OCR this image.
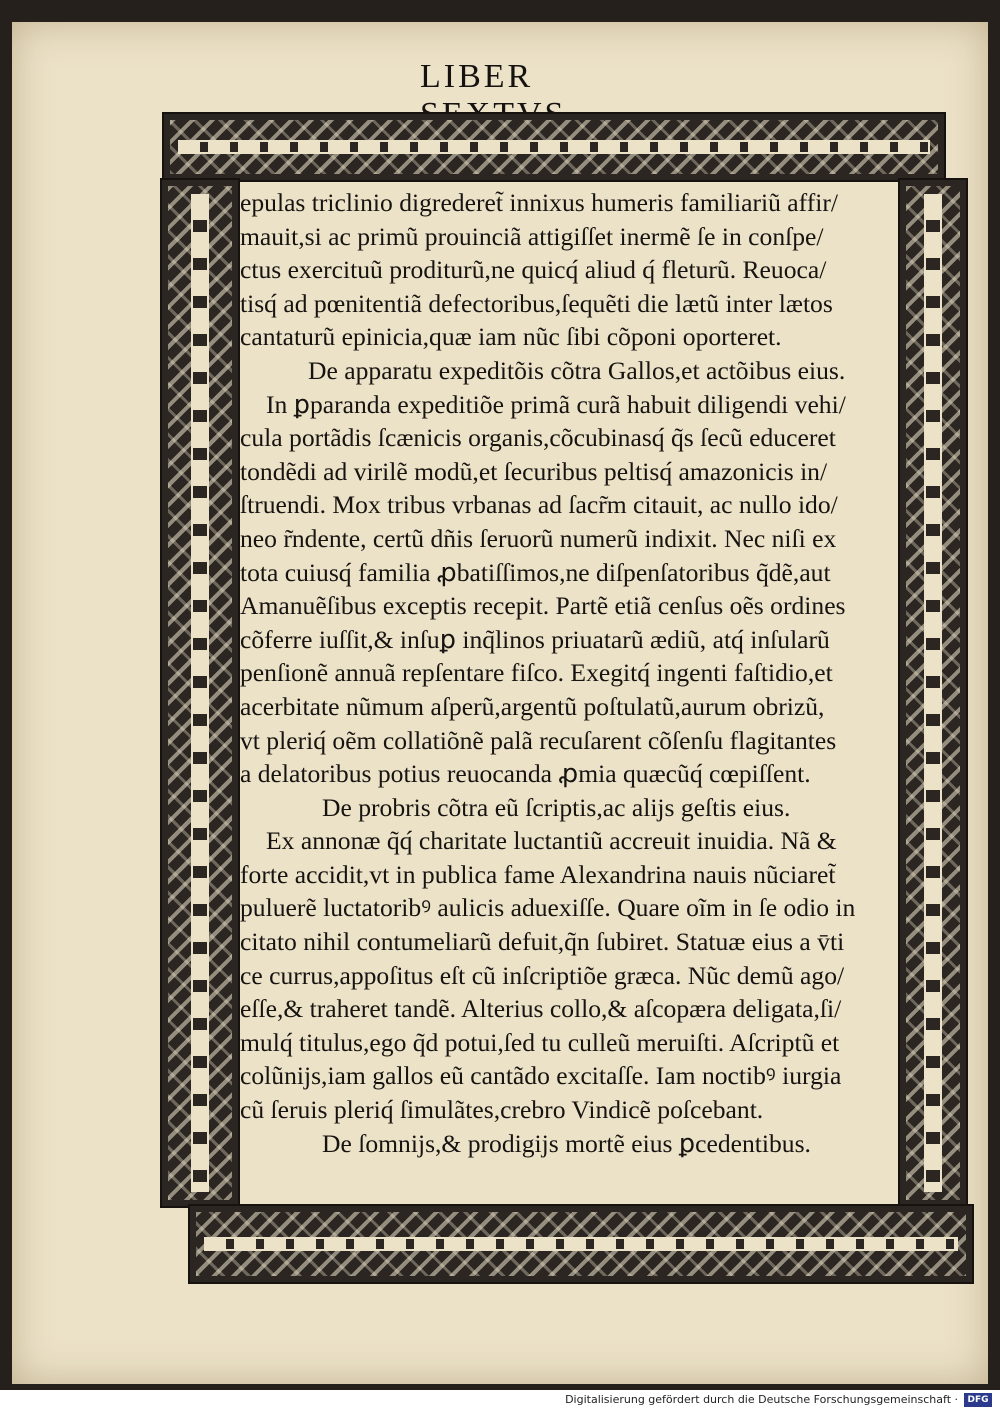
LIBER
epulas triclinio digrederet̃ innixus humeris familiariũ affir/
mauit,si ac primũ prouinciã attigiſſet inermẽ ſe in conſpe/
ctus exercituũ proditurũ,ne quicq́ aliud q́ fleturũ. Reuoca/
tisq́ ad pœnitentiã defectoribus,ſequẽti die lætũ inter lætos
cantaturũ epinicia,quæ iam nũc ſibi cõponi oporteret.
De apparatu expeditõis cõtra Gallos,et actõibus eius.
In ꝑparanda expeditiõe primã curã habuit diligendi vehi/
cula portãdis ſcænicis organis,cõcubinasq́ q̃s ſecũ educeret
tondẽdi ad virilẽ modũ,et ſecuribus peltisq́ amazonicis in/
ſtruendi. Mox tribus vrbanas ad ſacr̃m citauit, ac nullo ido/
neo r̃ndente, certũ dñis ſeruorũ numerũ indixit. Nec niſi ex
tota cuiusq́ familia ꝓbatiſſimos,ne diſpenſatoribus q̃dẽ,aut
Amanuẽſibus exceptis recepit. Partẽ etiã cenſus oẽs ordines
cõferre iuſſit,& inſuꝑ inq̃linos priuatarũ ædiũ, atq́ inſularũ
penſionẽ annuã repſentare fiſco. Exegitq́ ingenti faſtidio,et
acerbitate nũmum aſperũ,argentũ poſtulatũ,aurum obrizũ,
vt pleriq́ oẽm collatiõnẽ palã recuſarent cõſenſu flagitantes
a delatoribus potius reuocanda ꝓmia quæcũq́ cœpiſſent.
De probris cõtra eũ ſcriptis,ac aliјs geſtis eius.
Ex annonæ q̃q́ charitate luctantiũ accreuit inuidia. Nã &
forte accidit,vt in publica fame Alexandrina nauis nũciaret̃
puluerẽ luctatoribꝰ aulicis aduexiſſe. Quare oĩm in ſe odio in
citato nihil contumeliarũ defuit,q̃n ſubiret. Statuæ eius a v̄ti
ce currus,appoſitus eſt cũ inſcriptiõe græca. Nũc demũ ago/
eſſe,& traheret tandẽ. Alterius collo,& aſcopæra deligata,ſi/
mulq́ titulus,ego q̃d potui,ſed tu culleũ meruiſti. Aſcriptũ et
colũnijs,iam gallos eũ cantãdo excitaſſe. Iam noctibꝰ iurgia
cũ ſeruis pleriq́ ſimulãtes,crebro Vindicẽ poſcebant.
De ſomnijs,& prodigijs mortẽ eius ꝑcedentibus.
Digitalisierung gefördert durch die Deutsche Forschungsgemeinschaft ·	DFG
